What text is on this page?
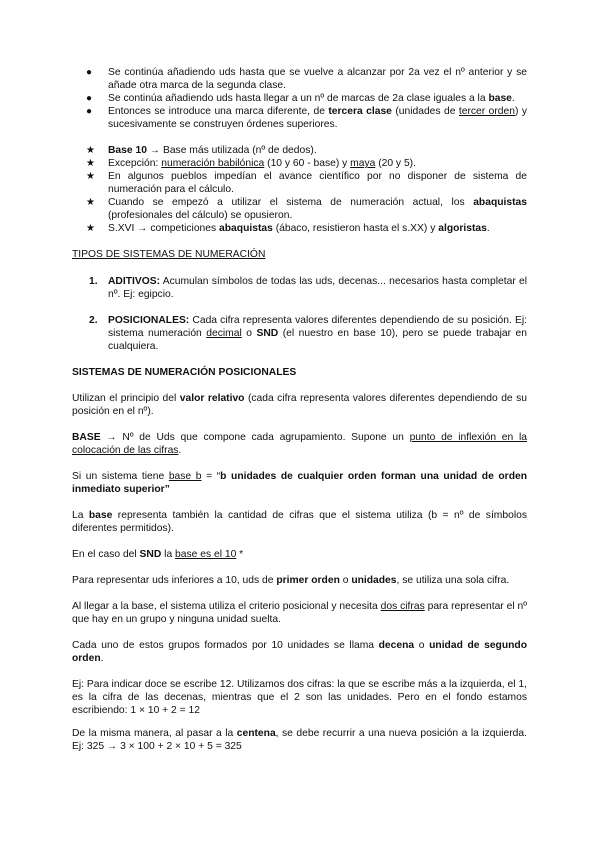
● Se continúa añadiendo uds hasta que se vuelve a alcanzar por 2a vez el nº anterior y se añade otra marca de la segunda clase.
● Se continúa añadiendo uds hasta llegar a un nº de marcas de 2a clase iguales a la base.
● Entonces se introduce una marca diferente, de tercera clase (unidades de tercer orden) y sucesivamente se construyen órdenes superiores.
★ Base 10 → Base más utilizada (nº de dedos).
★ Excepción: numeración babilónica (10 y 60 - base) y maya (20 y 5).
★ En algunos pueblos impedían el avance científico por no disponer de sistema de numeración para el cálculo.
★ Cuando se empezó a utilizar el sistema de numeración actual, los abaquistas (profesionales del cálculo) se opusieron.
★ S.XVI → competiciones abaquistas (ábaco, resistieron hasta el s.XX) y algoristas.
TIPOS DE SISTEMAS DE NUMERACIÓN
1. ADITIVOS: Acumulan símbolos de todas las uds, decenas... necesarios hasta completar el nº. Ej: egipcio.
2. POSICIONALES: Cada cifra representa valores diferentes dependiendo de su posición. Ej: sistema numeración decimal o SND (el nuestro en base 10), pero se puede trabajar en cualquiera.
SISTEMAS DE NUMERACIÓN POSICIONALES

Utilizan el principio del valor relativo (cada cifra representa valores diferentes dependiendo de su posición en el nº).

BASE → Nº de Uds que compone cada agrupamiento. Supone un punto de inflexión en la colocación de las cifras.

Si un sistema tiene base b = “b unidades de cualquier orden forman una unidad de orden inmediato superior”

La base representa también la cantidad de cifras que el sistema utiliza (b = nº de símbolos diferentes permitidos).

En el caso del SND la base es el 10 *

Para representar uds inferiores a 10, uds de primer orden o unidades, se utiliza una sola cifra.

Al llegar a la base, el sistema utiliza el criterio posicional y necesita dos cifras para representar el nº que hay en un grupo y ninguna unidad suelta.

Cada uno de estos grupos formados por 10 unidades se llama decena o unidad de segundo orden.

Ej: Para indicar doce se escribe 12. Utilizamos dos cifras: la que se escribe más a la izquierda, el 1, es la cifra de las decenas, mientras que el 2 son las unidades. Pero en el fondo estamos escribiendo: 1 × 10 + 2 = 12

De la misma manera, al pasar a la centena, se debe recurrir a una nueva posición a la izquierda. Ej: 325 → 3 × 100 + 2 × 10 + 5 = 325
